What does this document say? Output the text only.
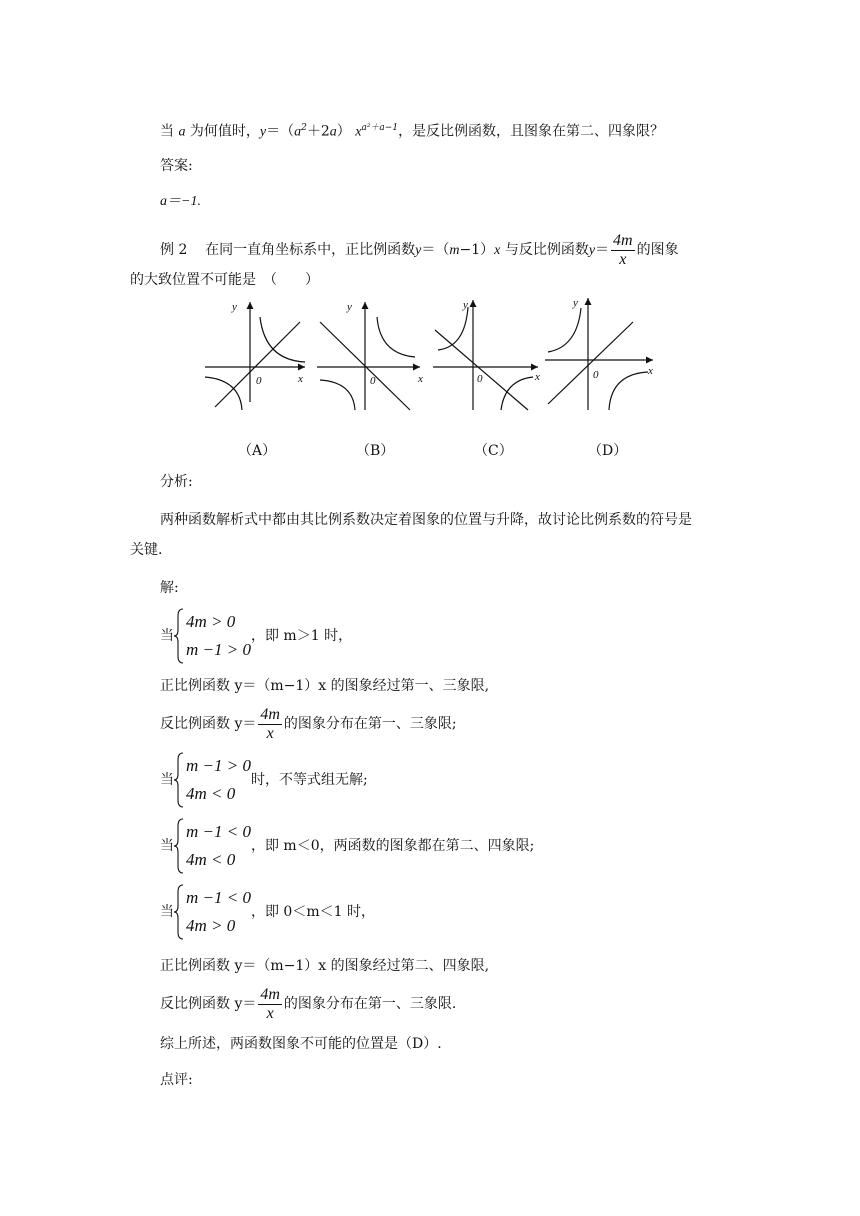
当 a 为何值时，$y=(a^2+2a)$ $x^{a^2+a-1}$，是反比例函数，且图象在第二、四象限？
答案:
a＝−1.
例 2 在同一直角坐标系中，正比例函数y＝（m−1）x 与反比例函数$y= \frac{4m}{x}$ 的图象
的大致位置不可能是　（　　）
y
x
0
y
x
0
y
x
0
y
x
0
（A）	（B）	（C）	（D）
分析:
两种函数解析式中都由其比例系数决定着图象的位置与升降，故讨论比例系数的符号是
关键.
解:
当
4m > 0
m −1 > 0
，即 m＞1 时，
正比例函数 y＝（m−1）x 的图象经过第一、三象限,
反比例函数 $y= \frac{4m}{x}$ 的图象分布在第一、三象限;
当
m −1 > 0
4m < 0
时，不等式组无解;
当
m −1 < 0
4m < 0
，即 m＜0，两函数的图象都在第二、四象限;
当
m −1 < 0
4m > 0
，即 0＜m＜1 时，
正比例函数 y＝（m−1）x 的图象经过第二、四象限,
反比例函数 $y= \frac{4m}{x}$ 的图象分布在第一、三象限.
综上所述，两函数图象不可能的位置是（D）.
点评:
